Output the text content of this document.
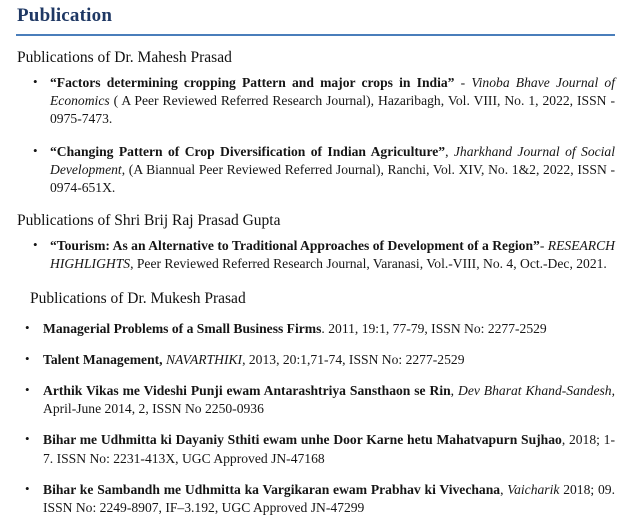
Publication

Publications of Dr. Mahesh Prasad

• “Factors determining cropping Pattern and major crops in India” - Vinoba Bhave Journal of Economics ( A Peer Reviewed Referred Research Journal), Hazaribagh, Vol. VIII, No. 1, 2022, ISSN - 0975-7473.
• “Changing Pattern of Crop Diversification of Indian Agriculture”, Jharkhand Journal of Social Development, (A Biannual Peer Reviewed Referred Journal), Ranchi, Vol. XIV, No. 1&2, 2022, ISSN - 0974-651X.

Publications of Shri Brij Raj Prasad Gupta

• “Tourism: As an Alternative to Traditional Approaches of Development of a Region”- RESEARCH HIGHLIGHTS, Peer Reviewed Referred Research Journal, Varanasi, Vol.-VIII, No. 4, Oct.-Dec, 2021.

Publications of Dr. Mukesh Prasad

• Managerial Problems of a Small Business Firms. 2011, 19:1, 77-79, ISSN No: 2277-2529
• Talent Management, NAVARTHIKI, 2013, 20:1,71-74, ISSN No: 2277-2529
• Arthik Vikas me Videshi Punji ewam Antarashtriya Sansthaon se Rin, Dev Bharat Khand-Sandesh, April-June 2014, 2, ISSN No 2250-0936
• Bihar me Udhmitta ki Dayaniy Sthiti ewam unhe Door Karne hetu Mahatvapurn Sujhao, 2018; 1-7. ISSN No: 2231-413X, UGC Approved JN-47168
• Bihar ke Sambandh me Udhmitta ka Vargikaran ewam Prabhav ki Vivechana, Vaicharik 2018; 09. ISSN No: 2249-8907, IF–3.192, UGC Approved JN-47299
